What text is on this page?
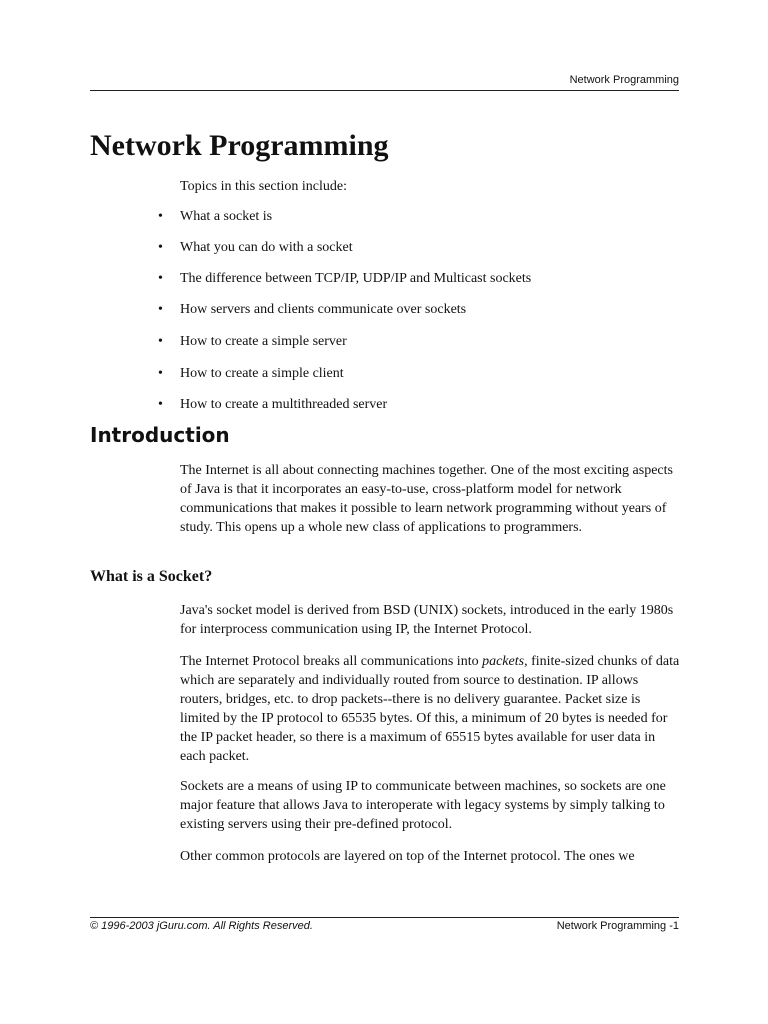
Network Programming
Network Programming

Topics in this section include:

• What a socket is
• What you can do with a socket
• The difference between TCP/IP, UDP/IP and Multicast sockets
• How servers and clients communicate over sockets
• How to create a simple server
• How to create a simple client
• How to create a multithreaded server
Introduction

The Internet is all about connecting machines together. One of the most exciting aspects of Java is that it incorporates an easy-to-use, cross-platform model for network communications that makes it possible to learn network programming without years of study. This opens up a whole new class of applications to programmers.

What is a Socket?

Java's socket model is derived from BSD (UNIX) sockets, introduced in the early 1980s for interprocess communication using IP, the Internet Protocol.

The Internet Protocol breaks all communications into packets, finite-sized chunks of data which are separately and individually routed from source to destination. IP allows routers, bridges, etc. to drop packets--there is no delivery guarantee. Packet size is limited by the IP protocol to 65535 bytes. Of this, a minimum of 20 bytes is needed for the IP packet header, so there is a maximum of 65515 bytes available for user data in each packet.

Sockets are a means of using IP to communicate between machines, so sockets are one major feature that allows Java to interoperate with legacy systems by simply talking to existing servers using their pre-defined protocol.

Other common protocols are layered on top of the Internet protocol. The ones we

© 1996-2003 jGuru.com. All Rights Reserved.	Network Programming -1
